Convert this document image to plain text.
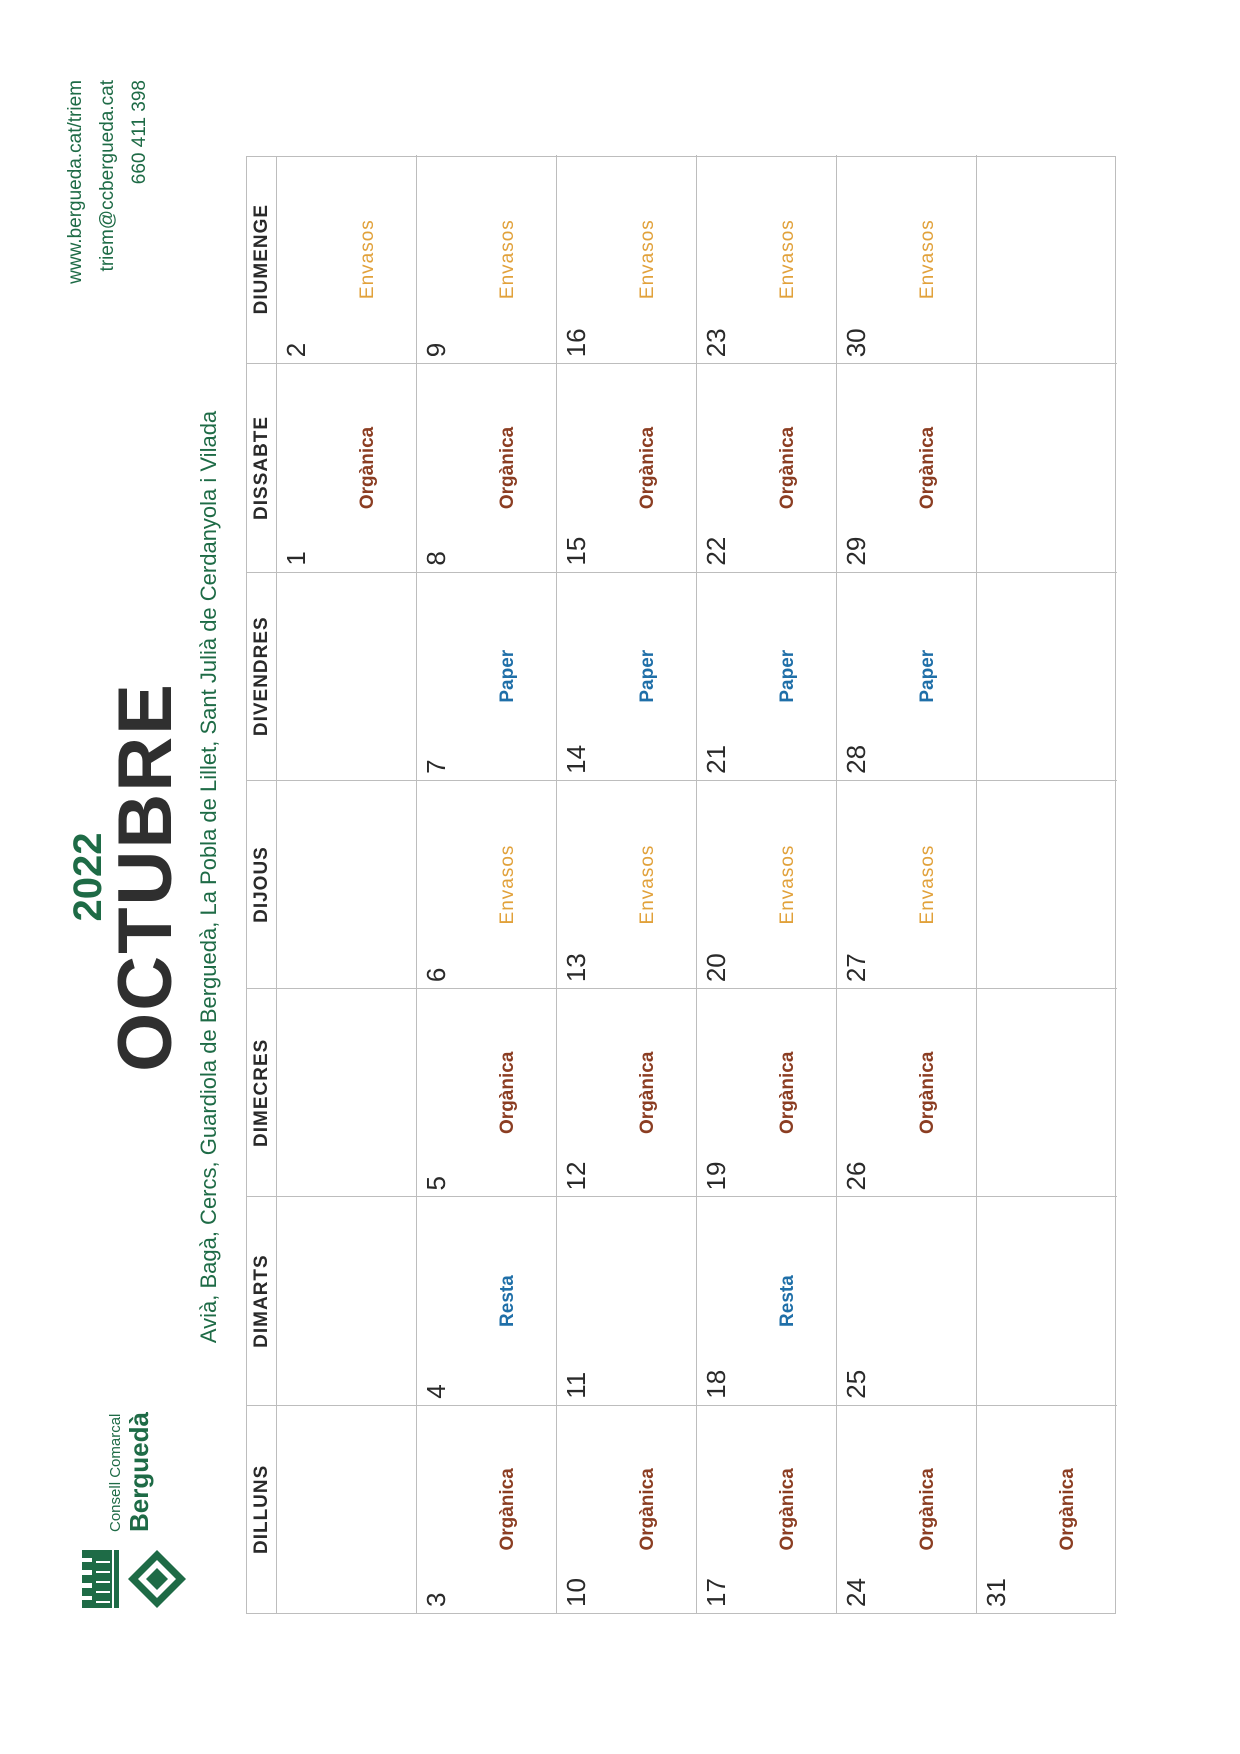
Consell Comarcal Berguedà
2022
OCTUBRE Avià, Bagà, Cercs, Guardiola de Berguedà, La Pobla de Lillet, Sant Julià de Cerdanyola i Vilada
www.bergueda.cat/triem triem@ccbergueda.cat 660 411 398
DILLUNS
DIMARTS
DIMECRES
DIJOUS
DIVENDRES
DISSABTE
DIUMENGE
1
Orgànica
2
Envasos
3
Orgànica
4
Resta
5
Orgànica
6
Envasos
7
Paper
8
Orgànica
9
Envasos
10
Orgànica
11
12
Orgànica
13
Envasos
14
Paper
15
Orgànica
16
Envasos
17
Orgànica
18
Resta
19
Orgànica
20
Envasos
21
Paper
22
Orgànica
23
Envasos
24
Orgànica
25
26
Orgànica
27
Envasos
28
Paper
29
Orgànica
30
Envasos
31
Orgànica
